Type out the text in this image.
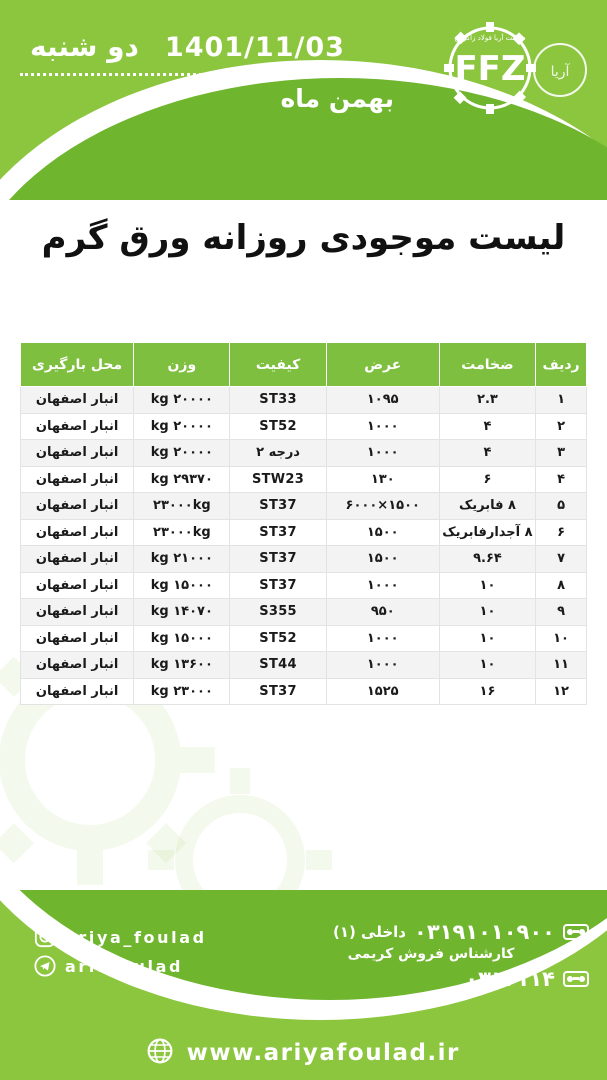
FFZ
شرکت آریا فولاد زاگرس
آریا
دو شنبه 1401/11/03
بهمن ماه
لیست موجودی روزانه ورق گرم
ردیف	ضخامت	عرض	کیفیت	وزن	محل بارگیری
۱	۲.۳	۱۰۹۵	ST33	۲۰۰۰۰ kg	انبار اصفهان
۲	۴	۱۰۰۰	ST52	۲۰۰۰۰ kg	انبار اصفهان
۳	۴	۱۰۰۰	درجه ۲	۲۰۰۰۰ kg	انبار اصفهان
۴	۶	۱۳۰	STW23	۲۹۳۷۰ kg	انبار اصفهان
۵	۸ فابریک	۱۵۰۰×۶۰۰۰	ST37	۲۳۰۰۰kg	انبار اصفهان
۶	۸ آجدارفابریک	۱۵۰۰	ST37	۲۳۰۰۰kg	انبار اصفهان
۷	۹.۶۴	۱۵۰۰	ST37	۲۱۰۰۰ kg	انبار اصفهان
۸	۱۰	۱۰۰۰	ST37	۱۵۰۰۰ kg	انبار اصفهان
۹	۱۰	۹۵۰	S355	۱۴۰۷۰ kg	انبار اصفهان
۱۰	۱۰	۱۰۰۰	ST52	۱۵۰۰۰ kg	انبار اصفهان
۱۱	۱۰	۱۰۰۰	ST44	۱۳۶۰۰ kg	انبار اصفهان
۱۲	۱۶	۱۵۲۵	ST37	۲۳۰۰۰ kg	انبار اصفهان
۰۳۱۹۱۰۱۰۹۰۰
داخلی (۱)
کارشناس فروش کریمی
۰۳۱۳۱۱۴
ariya_foulad
ariafoulad
www.ariyafoulad.ir
